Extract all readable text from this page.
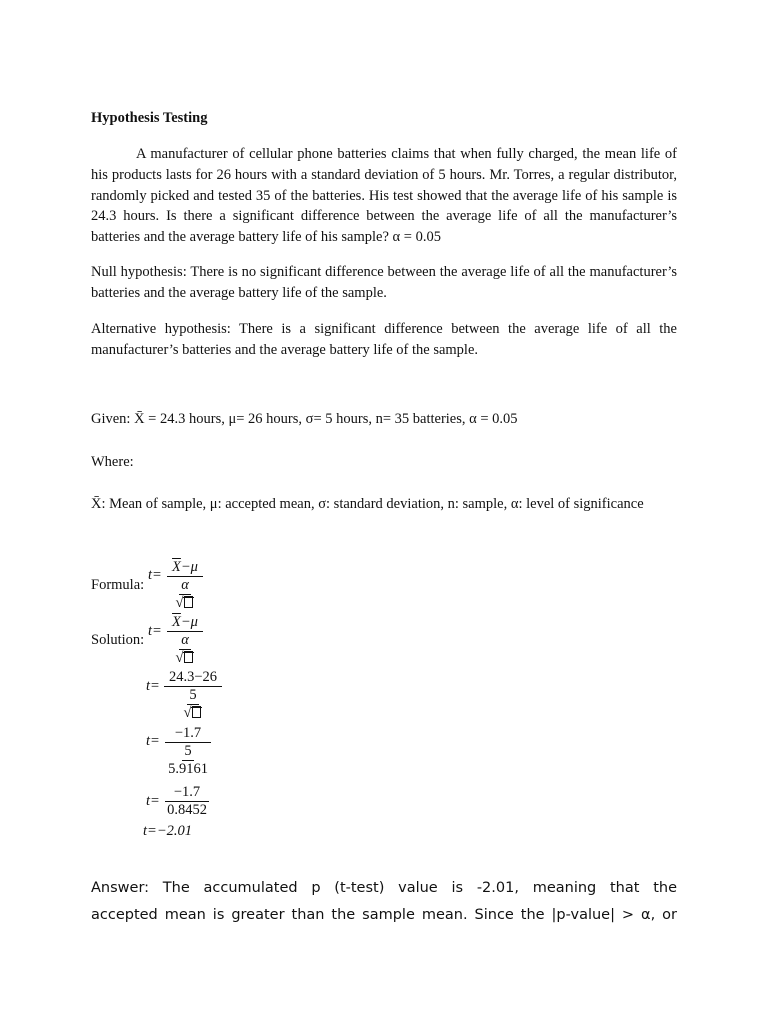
Hypothesis Testing
A manufacturer of cellular phone batteries claims that when fully charged, the mean life of his products lasts for 26 hours with a standard deviation of 5 hours. Mr. Torres, a regular distributor, randomly picked and tested 35 of the batteries. His test showed that the average life of his sample is 24.3 hours. Is there a significant difference between the average life of all the manufacturer’s batteries and the average battery life of his sample? α = 0.05
Null hypothesis: There is no significant difference between the average life of all the manufacturer’s batteries and the average battery life of the sample.
Alternative hypothesis: There is a significant difference between the average life of all the manufacturer’s batteries and the average battery life of the sample.
Given: X̄ = 24.3 hours, μ= 26 hours, σ= 5 hours, n= 35 batteries, α = 0.05
Where:
X̄: Mean of sample, μ: accepted mean, σ: standard deviation, n: sample, α: level of significance
Formula:
$t= \overline{X}-\mu$
α
√
Solution:
t=
$\overline{X}-\mu$
α
√
t=
24.3−26
5
√
t=	−1.7
5
5.9161
$t= \frac{-1.7}{0.8452}$
t=−2.01
Answer: The accumulated p (t-test) value is -2.01, meaning that the
accepted mean is greater than the sample mean. Since the |p-value| > α, or
